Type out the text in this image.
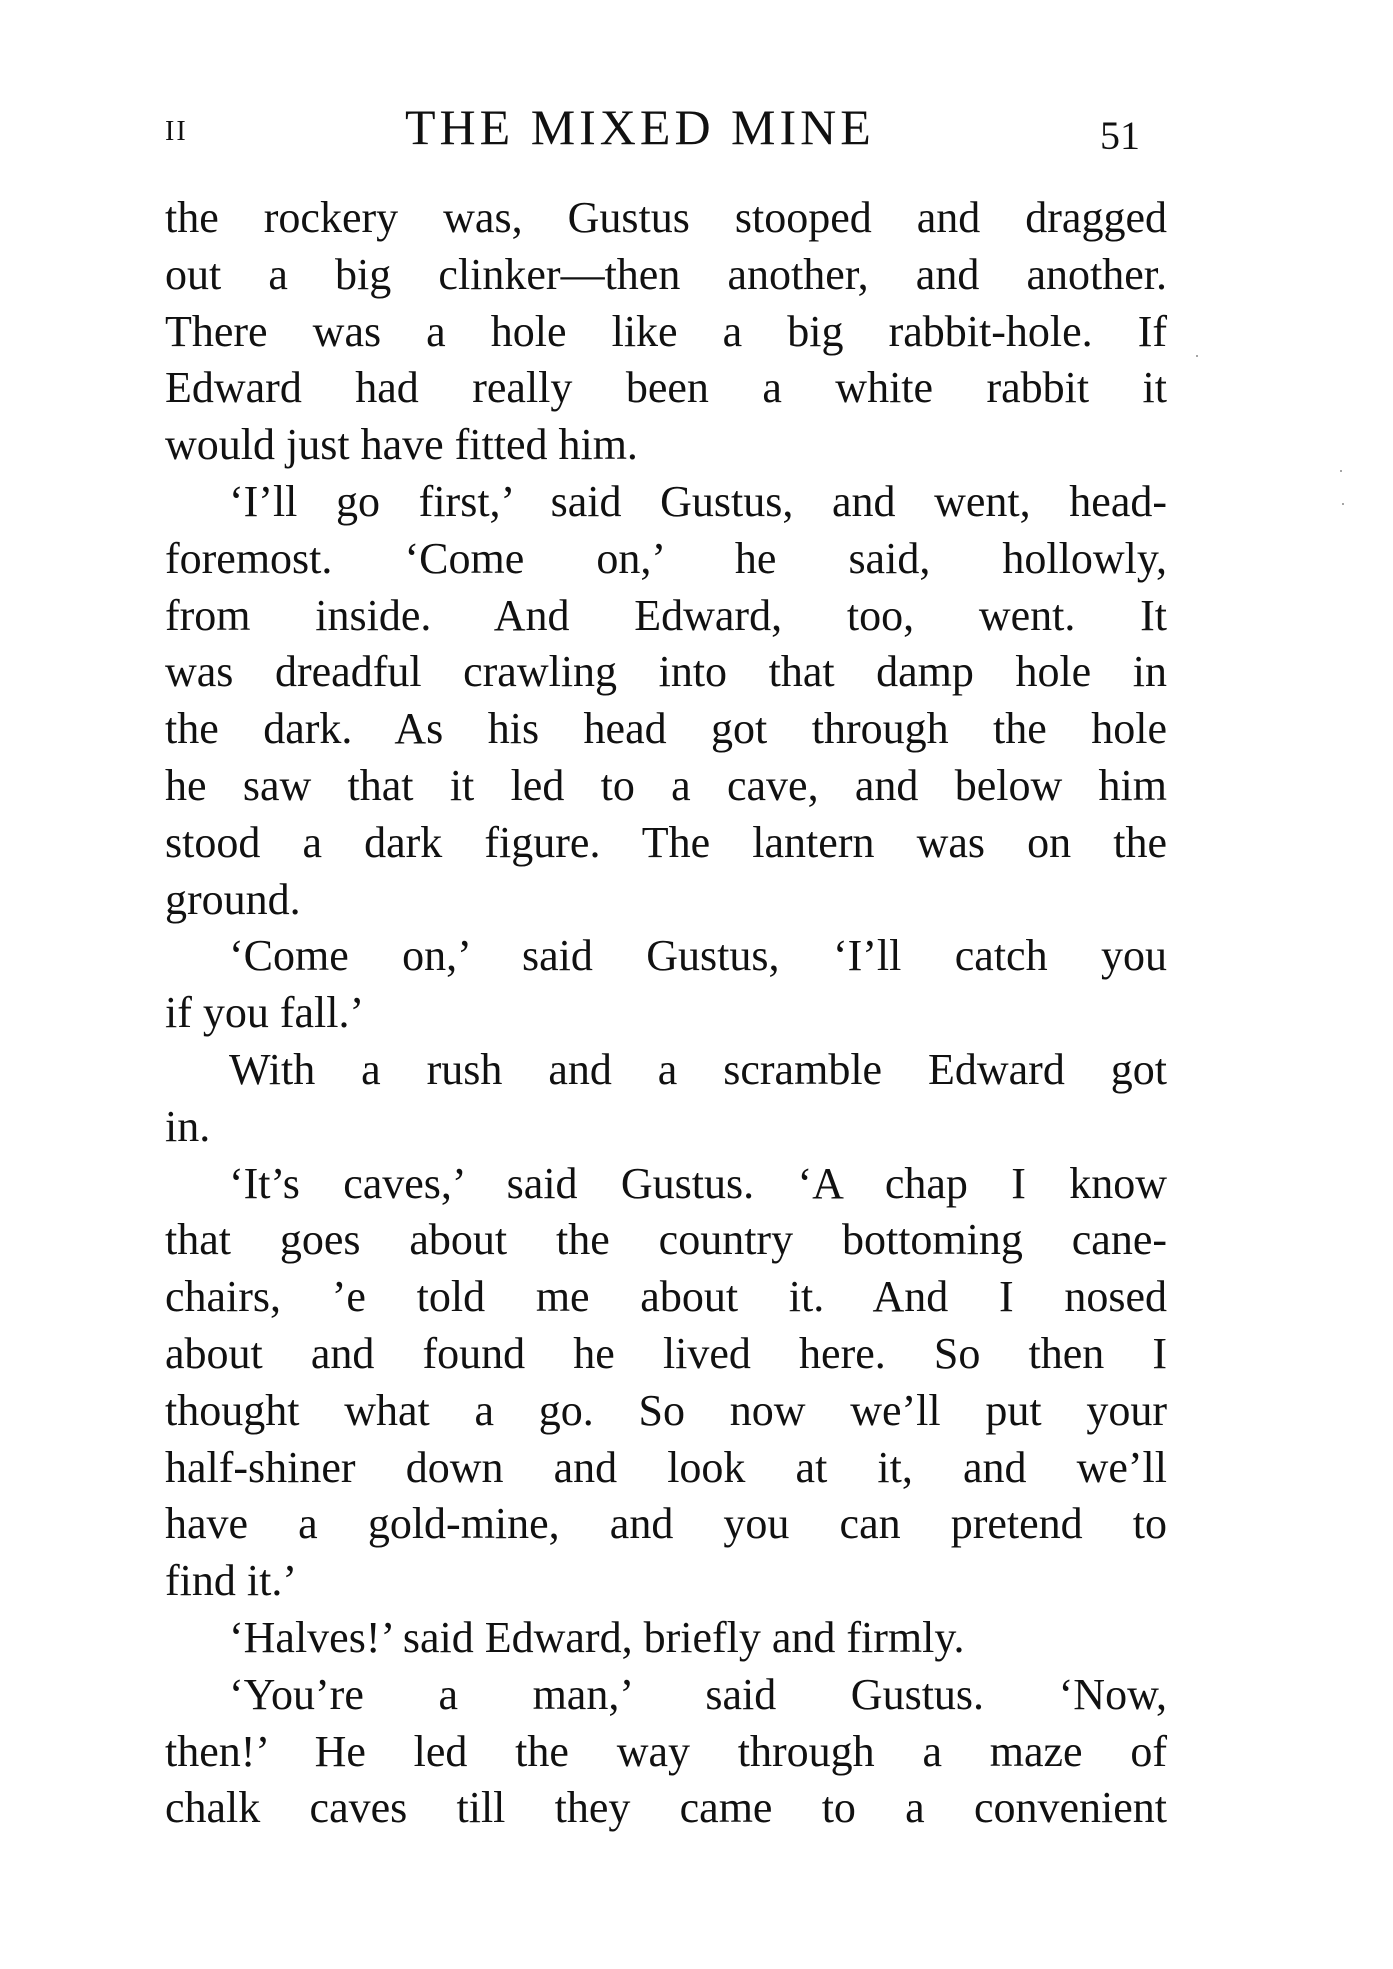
II	THE MIXED MINE	51
the rockery was, Gustus stooped and dragged
out a big clinker—then another, and another.
There was a hole like a big rabbit-hole. If
Edward had really been a white rabbit it
would just have fitted him.
‘I’ll go first,’ said Gustus, and went, head-
foremost. ‘Come on,’ he said, hollowly,
from inside. And Edward, too, went. It
was dreadful crawling into that damp hole in
the dark. As his head got through the hole
he saw that it led to a cave, and below him
stood a dark figure. The lantern was on the
ground.
‘Come on,’ said Gustus, ‘I’ll catch you
if you fall.’
With a rush and a scramble Edward got
in.
‘It’s caves,’ said Gustus. ‘A chap I know
that goes about the country bottoming cane-
chairs, ’e told me about it. And I nosed
about and found he lived here. So then I
thought what a go. So now we’ll put your
half-shiner down and look at it, and we’ll
have a gold-mine, and you can pretend to
find it.’
‘Halves!’ said Edward, briefly and firmly.
‘You’re a man,’ said Gustus. ‘Now,
then!’ He led the way through a maze of
chalk caves till they came to a convenient
